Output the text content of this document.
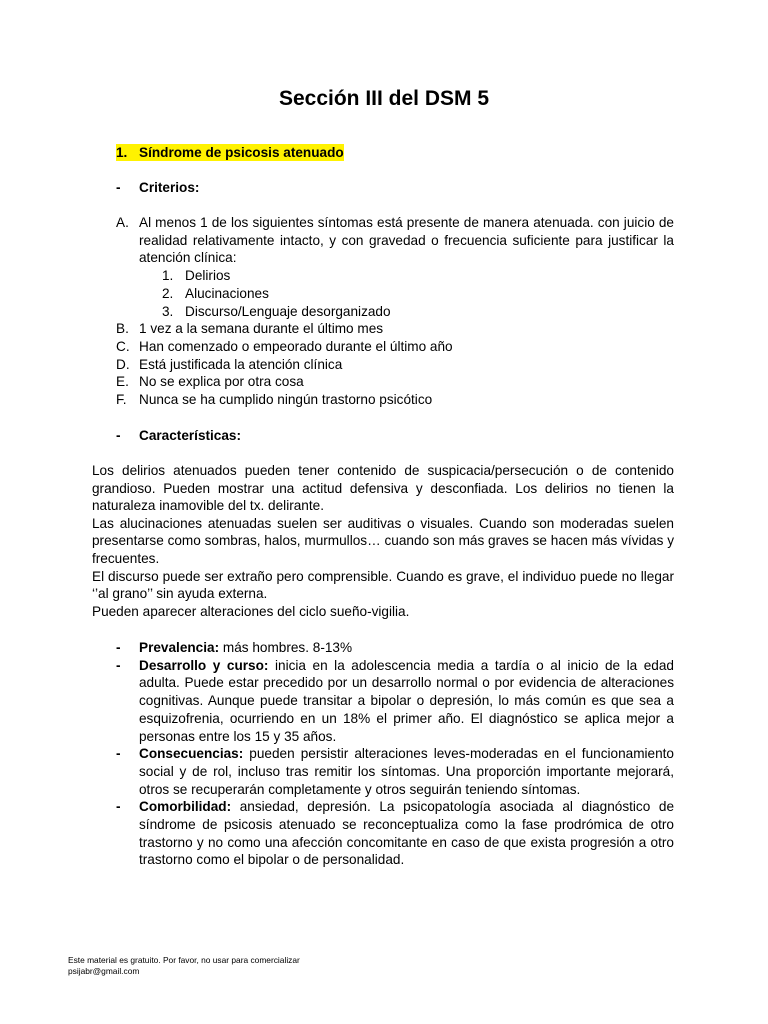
Sección III del DSM 5
1. Síndrome de psicosis atenuado
- Criterios:
A. Al menos 1 de los siguientes síntomas está presente de manera atenuada. con juicio de realidad relativamente intacto, y con gravedad o frecuencia suficiente para justificar la atención clínica:
1. Delirios
2. Alucinaciones
3. Discurso/Lenguaje desorganizado
B. 1 vez a la semana durante el último mes
C. Han comenzado o empeorado durante el último año
D. Está justificada la atención clínica
E. No se explica por otra cosa
F. Nunca se ha cumplido ningún trastorno psicótico
- Características:

Los delirios atenuados pueden tener contenido de suspicacia/persecución o de contenido grandioso. Pueden mostrar una actitud defensiva y desconfiada. Los delirios no tienen la naturaleza inamovible del tx. delirante.

Las alucinaciones atenuadas suelen ser auditivas o visuales. Cuando son moderadas suelen presentarse como sombras, halos, murmullos… cuando son más graves se hacen más vívidas y frecuentes.

El discurso puede ser extraño pero comprensible. Cuando es grave, el individuo puede no llegar ‘’al grano’’ sin ayuda externa.

Pueden aparecer alteraciones del ciclo sueño-vigilia.

- Prevalencia: más hombres. 8-13%
- Desarrollo y curso: inicia en la adolescencia media a tardía o al inicio de la edad adulta. Puede estar precedido por un desarrollo normal o por evidencia de alteraciones cognitivas. Aunque puede transitar a bipolar o depresión, lo más común es que sea a esquizofrenia, ocurriendo en un 18% el primer año. El diagnóstico se aplica mejor a personas entre los 15 y 35 años.
- Consecuencias: pueden persistir alteraciones leves-moderadas en el funcionamiento social y de rol, incluso tras remitir los síntomas. Una proporción importante mejorará, otros se recuperarán completamente y otros seguirán teniendo síntomas.
- Comorbilidad: ansiedad, depresión. La psicopatología asociada al diagnóstico de síndrome de psicosis atenuado se reconceptualiza como la fase prodrómica de otro trastorno y no como una afección concomitante en caso de que exista progresión a otro trastorno como el bipolar o de personalidad.
Este material es gratuito. Por favor, no usar para comercializar
psijabr@gmail.com
